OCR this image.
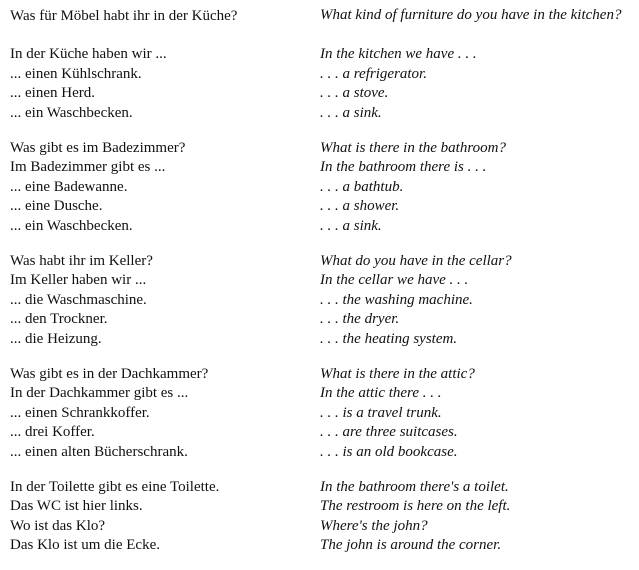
Was für Möbel habt ihr in der Küche?	What kind of furniture do you have in the kitchen?
In der Küche haben wir ...	In the kitchen we have . . .
... einen Kühlschrank.	. . . a refrigerator.
... einen Herd.	. . . a stove.
... ein Waschbecken.	. . . a sink.
Was gibt es im Badezimmer?	What is there in the bathroom?
Im Badezimmer gibt es ...	In the bathroom there is . . .
... eine Badewanne.	. . . a bathtub.
... eine Dusche.	. . . a shower.
... ein Waschbecken.	. . . a sink.
Was habt ihr im Keller?	What do you have in the cellar?
Im Keller haben wir ...	In the cellar we have . . .
... die Waschmaschine.	. . . the washing machine.
... den Trockner.	. . . the dryer.
... die Heizung.	. . . the heating system.
Was gibt es in der Dachkammer?	What is there in the attic?
In der Dachkammer gibt es ...	In the attic there . . .
... einen Schrankkoffer.	. . . is a travel trunk.
... drei Koffer.	. . . are three suitcases.
... einen alten Bücherschrank.	. . . is an old bookcase.
In der Toilette gibt es eine Toilette.	In the bathroom there's a toilet.
Das WC ist hier links.	The restroom is here on the left.
Wo ist das Klo?	Where's the john?
Das Klo ist um die Ecke.	The john is around the corner.
